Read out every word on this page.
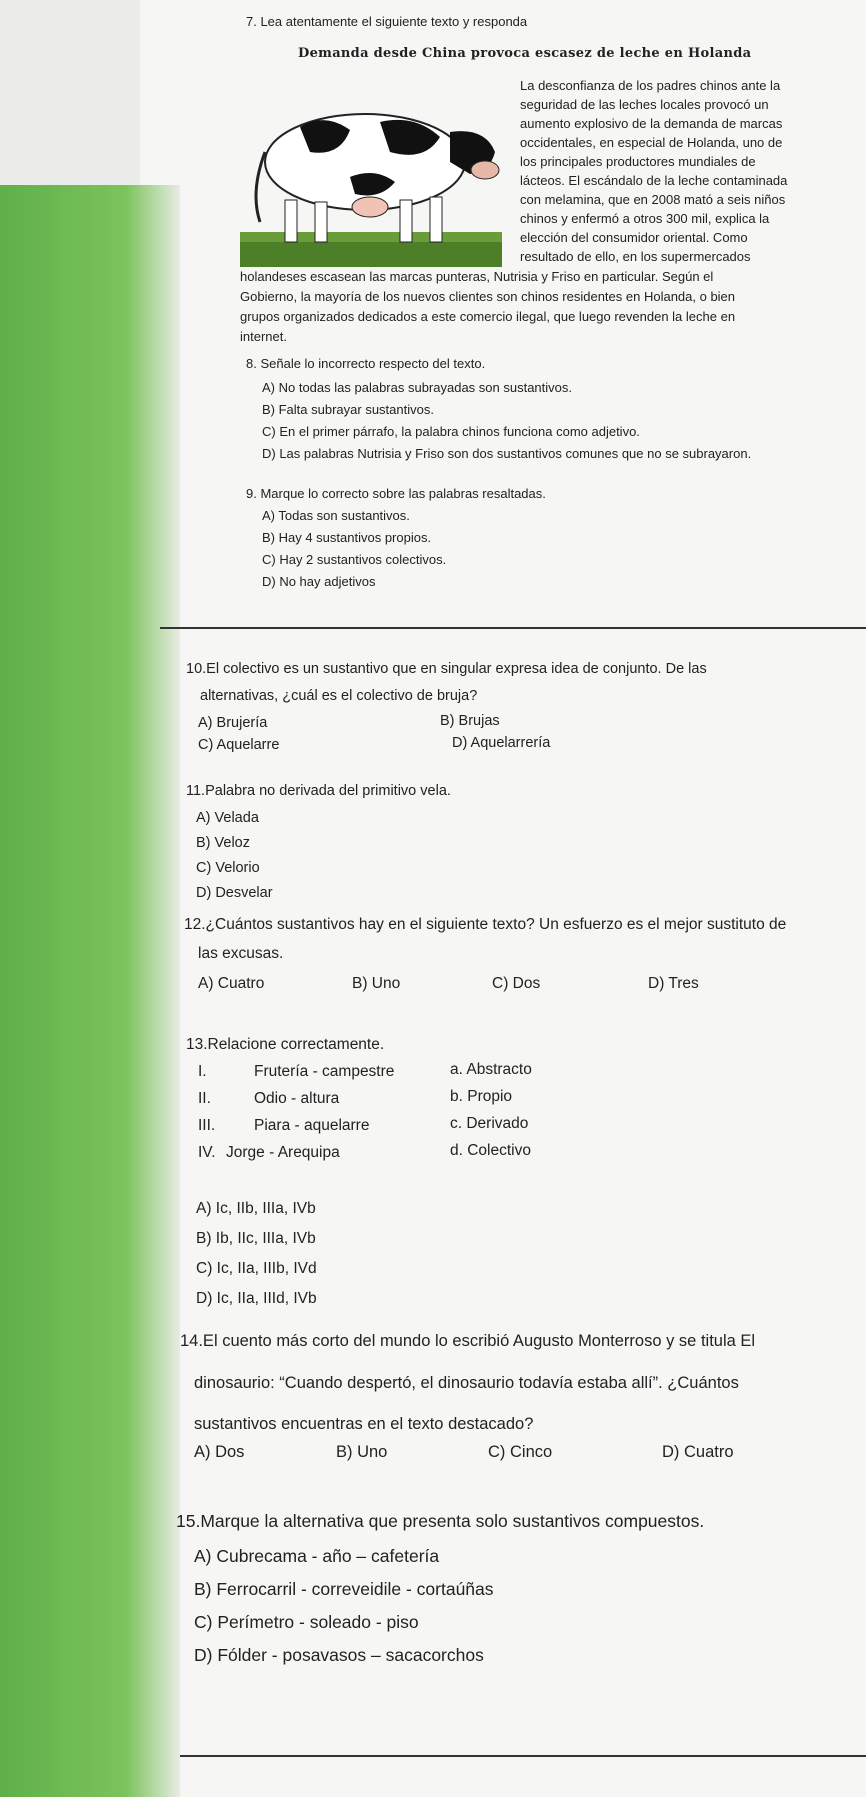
7. Lea atentamente el siguiente texto y responda
Demanda desde China provoca escasez de leche en Holanda
La desconfianza de los padres chinos ante la
seguridad de las leches locales provocó un
aumento explosivo de la demanda de marcas
occidentales, en especial de Holanda, uno de
los principales productores mundiales de
lácteos. El escándalo de la leche contaminada
con melamina, que en 2008 mató a seis niños
chinos y enfermó a otros 300 mil, explica la
elección del consumidor oriental. Como
resultado de ello, en los supermercados
holandeses escasean las marcas punteras, Nutrisia y Friso en particular. Según el
Gobierno, la mayoría de los nuevos clientes son chinos residentes en Holanda, o bien
grupos organizados dedicados a este comercio ilegal, que luego revenden la leche en
internet.
8. Señale lo incorrecto respecto del texto.
A) No todas las palabras subrayadas son sustantivos.
B) Falta subrayar sustantivos.
C) En el primer párrafo, la palabra chinos funciona como adjetivo.
D) Las palabras Nutrisia y Friso son dos sustantivos comunes que no se subrayaron.
9. Marque lo correcto sobre las palabras resaltadas.
A) Todas son sustantivos.
B) Hay 4 sustantivos propios.
C) Hay 2 sustantivos colectivos.
D) No hay adjetivos
10.El colectivo es un sustantivo que en singular expresa idea de conjunto. De las
alternativas, ¿cuál es el colectivo de bruja?
A) Brujería	B) Brujas
C) Aquelarre	D) Aquelarrería
11.Palabra no derivada del primitivo vela.
A) Velada
B) Veloz
C) Velorio
D) Desvelar
12.¿Cuántos sustantivos hay en el siguiente texto? Un esfuerzo es el mejor sustituto de
las excusas.
A) Cuatro	B) Uno	C) Dos	D) Tres
13.Relacione correctamente.
I.	Frutería - campestre	a. Abstracto
II.	Odio - altura	b. Propio
III.	Piara - aquelarre	c. Derivado
IV. Jorge - Arequipa	d. Colectivo
A) Ic, IIb, IIIa, IVb
B) Ib, IIc, IIIa, IVb
C) Ic, IIa, IIIb, IVd
D) Ic, IIa, IIId, IVb
14.El cuento más corto del mundo lo escribió Augusto Monterroso y se titula El
dinosaurio: “Cuando despertó, el dinosaurio todavía estaba allí”. ¿Cuántos
sustantivos encuentras en el texto destacado?
A) Dos	B) Uno	C) Cinco	D) Cuatro
15.Marque la alternativa que presenta solo sustantivos compuestos.
A) Cubrecama - año – cafetería
B) Ferrocarril - correveidile - cortaúñas
C) Perímetro - soleado - piso
D) Fólder - posavasos – sacacorchos
